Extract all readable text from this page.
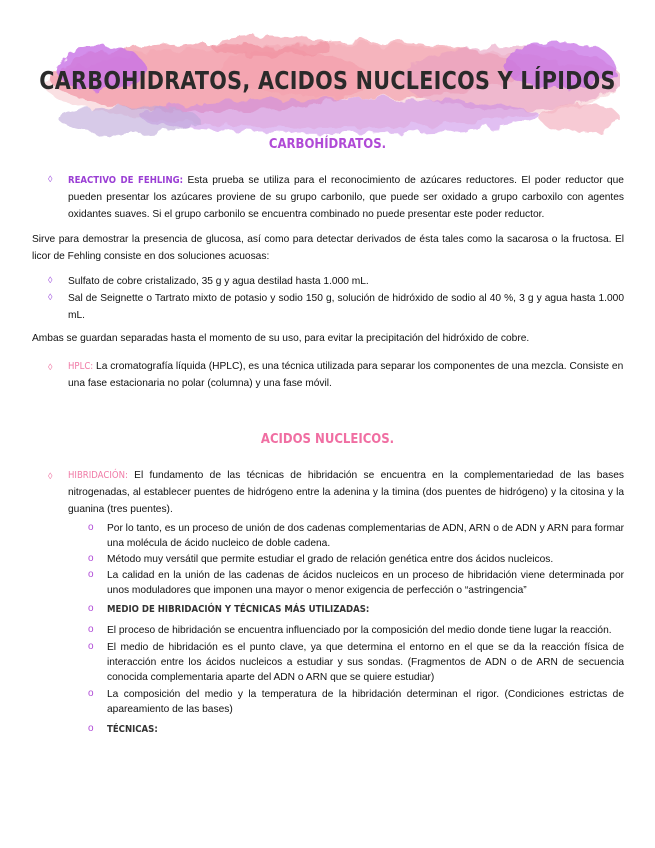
CARBOHIDRATOS, ACIDOS NUCLEICOS Y LÍPIDOS
CARBOHÍDRATOS.
◊ REACTIVO DE FEHLING: Esta prueba se utiliza para el reconocimiento de azúcares reductores. El poder reductor que pueden presentar los azúcares proviene de su grupo carbonilo, que puede ser oxidado a grupo carboxilo con agentes oxidantes suaves. Si el grupo carbonilo se encuentra combinado no puede presentar este poder reductor.
Sirve para demostrar la presencia de glucosa, así como para detectar derivados de ésta tales como la sacarosa o la fructosa. El licor de Fehling consiste en dos soluciones acuosas:
◊ Sulfato de cobre cristalizado, 35 g y agua destilad hasta 1.000 mL.
◊ Sal de Seignette o Tartrato mixto de potasio y sodio 150 g, solución de hidróxido de sodio al 40 %, 3 g y agua hasta 1.000 mL.
Ambas se guardan separadas hasta el momento de su uso, para evitar la precipitación del hidróxido de cobre.
◊ HPLC: La cromatografía líquida (HPLC), es una técnica utilizada para separar los componentes de una mezcla. Consiste en una fase estacionaria no polar (columna) y una fase móvil.
ACIDOS NUCLEICOS.
◊ HIBRIDACIÓN: El fundamento de las técnicas de hibridación se encuentra en la complementariedad de las bases nitrogenadas, al establecer puentes de hidrógeno entre la adenina y la timina (dos puentes de hidrógeno) y la citosina y la guanina (tres puentes).
o Por lo tanto, es un proceso de unión de dos cadenas complementarias de ADN, ARN o de ADN y ARN para formar una molécula de ácido nucleico de doble cadena.
o Método muy versátil que permite estudiar el grado de relación genética entre dos ácidos nucleicos.
o La calidad en la unión de las cadenas de ácidos nucleicos en un proceso de hibridación viene determinada por unos moduladores que imponen una mayor o menor exigencia de perfección o “astringencia”
o MEDIO DE HIBRIDACIÓN Y TÉCNICAS MÁS UTILIZADAS:
o El proceso de hibridación se encuentra influenciado por la composición del medio donde tiene lugar la reacción.
o El medio de hibridación es el punto clave, ya que determina el entorno en el que se da la reacción física de interacción entre los ácidos nucleicos a estudiar y sus sondas. (Fragmentos de ADN o de ARN de secuencia conocida complementaria aparte del ADN o ARN que se quiere estudiar)
o La composición del medio y la temperatura de la hibridación determinan el rigor. (Condiciones estrictas de apareamiento de las bases)
o TÉCNICAS:
